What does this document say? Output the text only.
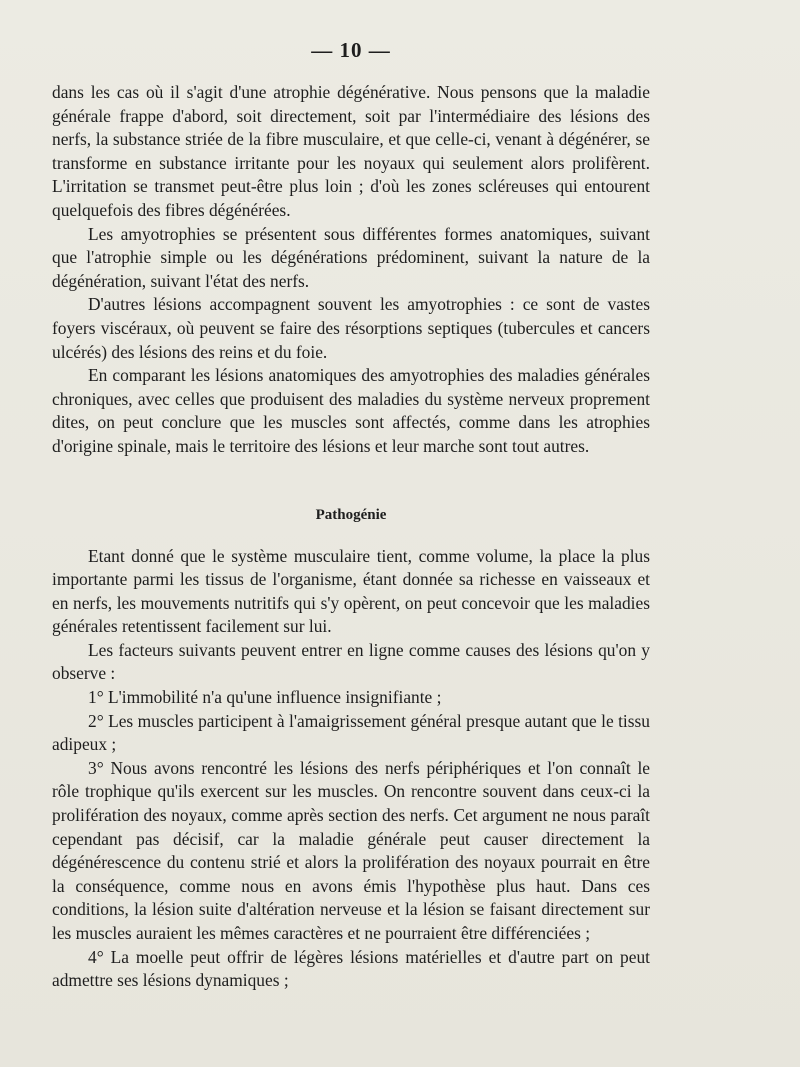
— 10 —

dans les cas où il s'agit d'une atrophie dégénérative. Nous pensons que la maladie générale frappe d'abord, soit directement, soit par l'intermédiaire des lésions des nerfs, la substance striée de la fibre musculaire, et que celle-ci, venant à dégénérer, se transforme en substance irritante pour les noyaux qui seulement alors prolifèrent. L'irritation se transmet peut-être plus loin ; d'où les zones scléreuses qui entourent quelquefois des fibres dégénérées.

Les amyotrophies se présentent sous différentes formes anatomiques, suivant que l'atrophie simple ou les dégénérations prédominent, suivant la nature de la dégénération, suivant l'état des nerfs.

D'autres lésions accompagnent souvent les amyotrophies : ce sont de vastes foyers viscéraux, où peuvent se faire des résorptions septiques (tubercules et cancers ulcérés) des lésions des reins et du foie.

En comparant les lésions anatomiques des amyotrophies des maladies générales chroniques, avec celles que produisent des maladies du système nerveux proprement dites, on peut conclure que les muscles sont affectés, comme dans les atrophies d'origine spinale, mais le territoire des lésions et leur marche sont tout autres.

Pathogénie

Etant donné que le système musculaire tient, comme volume, la place la plus importante parmi les tissus de l'organisme, étant donnée sa richesse en vaisseaux et en nerfs, les mouvements nutritifs qui s'y opèrent, on peut concevoir que les maladies générales retentissent facilement sur lui.

Les facteurs suivants peuvent entrer en ligne comme causes des lésions qu'on y observe :

1° L'immobilité n'a qu'une influence insignifiante ;

2° Les muscles participent à l'amaigrissement général presque autant que le tissu adipeux ;

3° Nous avons rencontré les lésions des nerfs périphériques et l'on connaît le rôle trophique qu'ils exercent sur les muscles. On rencontre souvent dans ceux-ci la prolifération des noyaux, comme après section des nerfs. Cet argument ne nous paraît cependant pas décisif, car la maladie générale peut causer directement la dégénérescence du contenu strié et alors la prolifération des noyaux pourrait en être la conséquence, comme nous en avons émis l'hypothèse plus haut. Dans ces conditions, la lésion suite d'altération nerveuse et la lésion se faisant directement sur les muscles auraient les mêmes caractères et ne pourraient être différenciées ;

4° La moelle peut offrir de légères lésions matérielles et d'autre part on peut admettre ses lésions dynamiques ;
